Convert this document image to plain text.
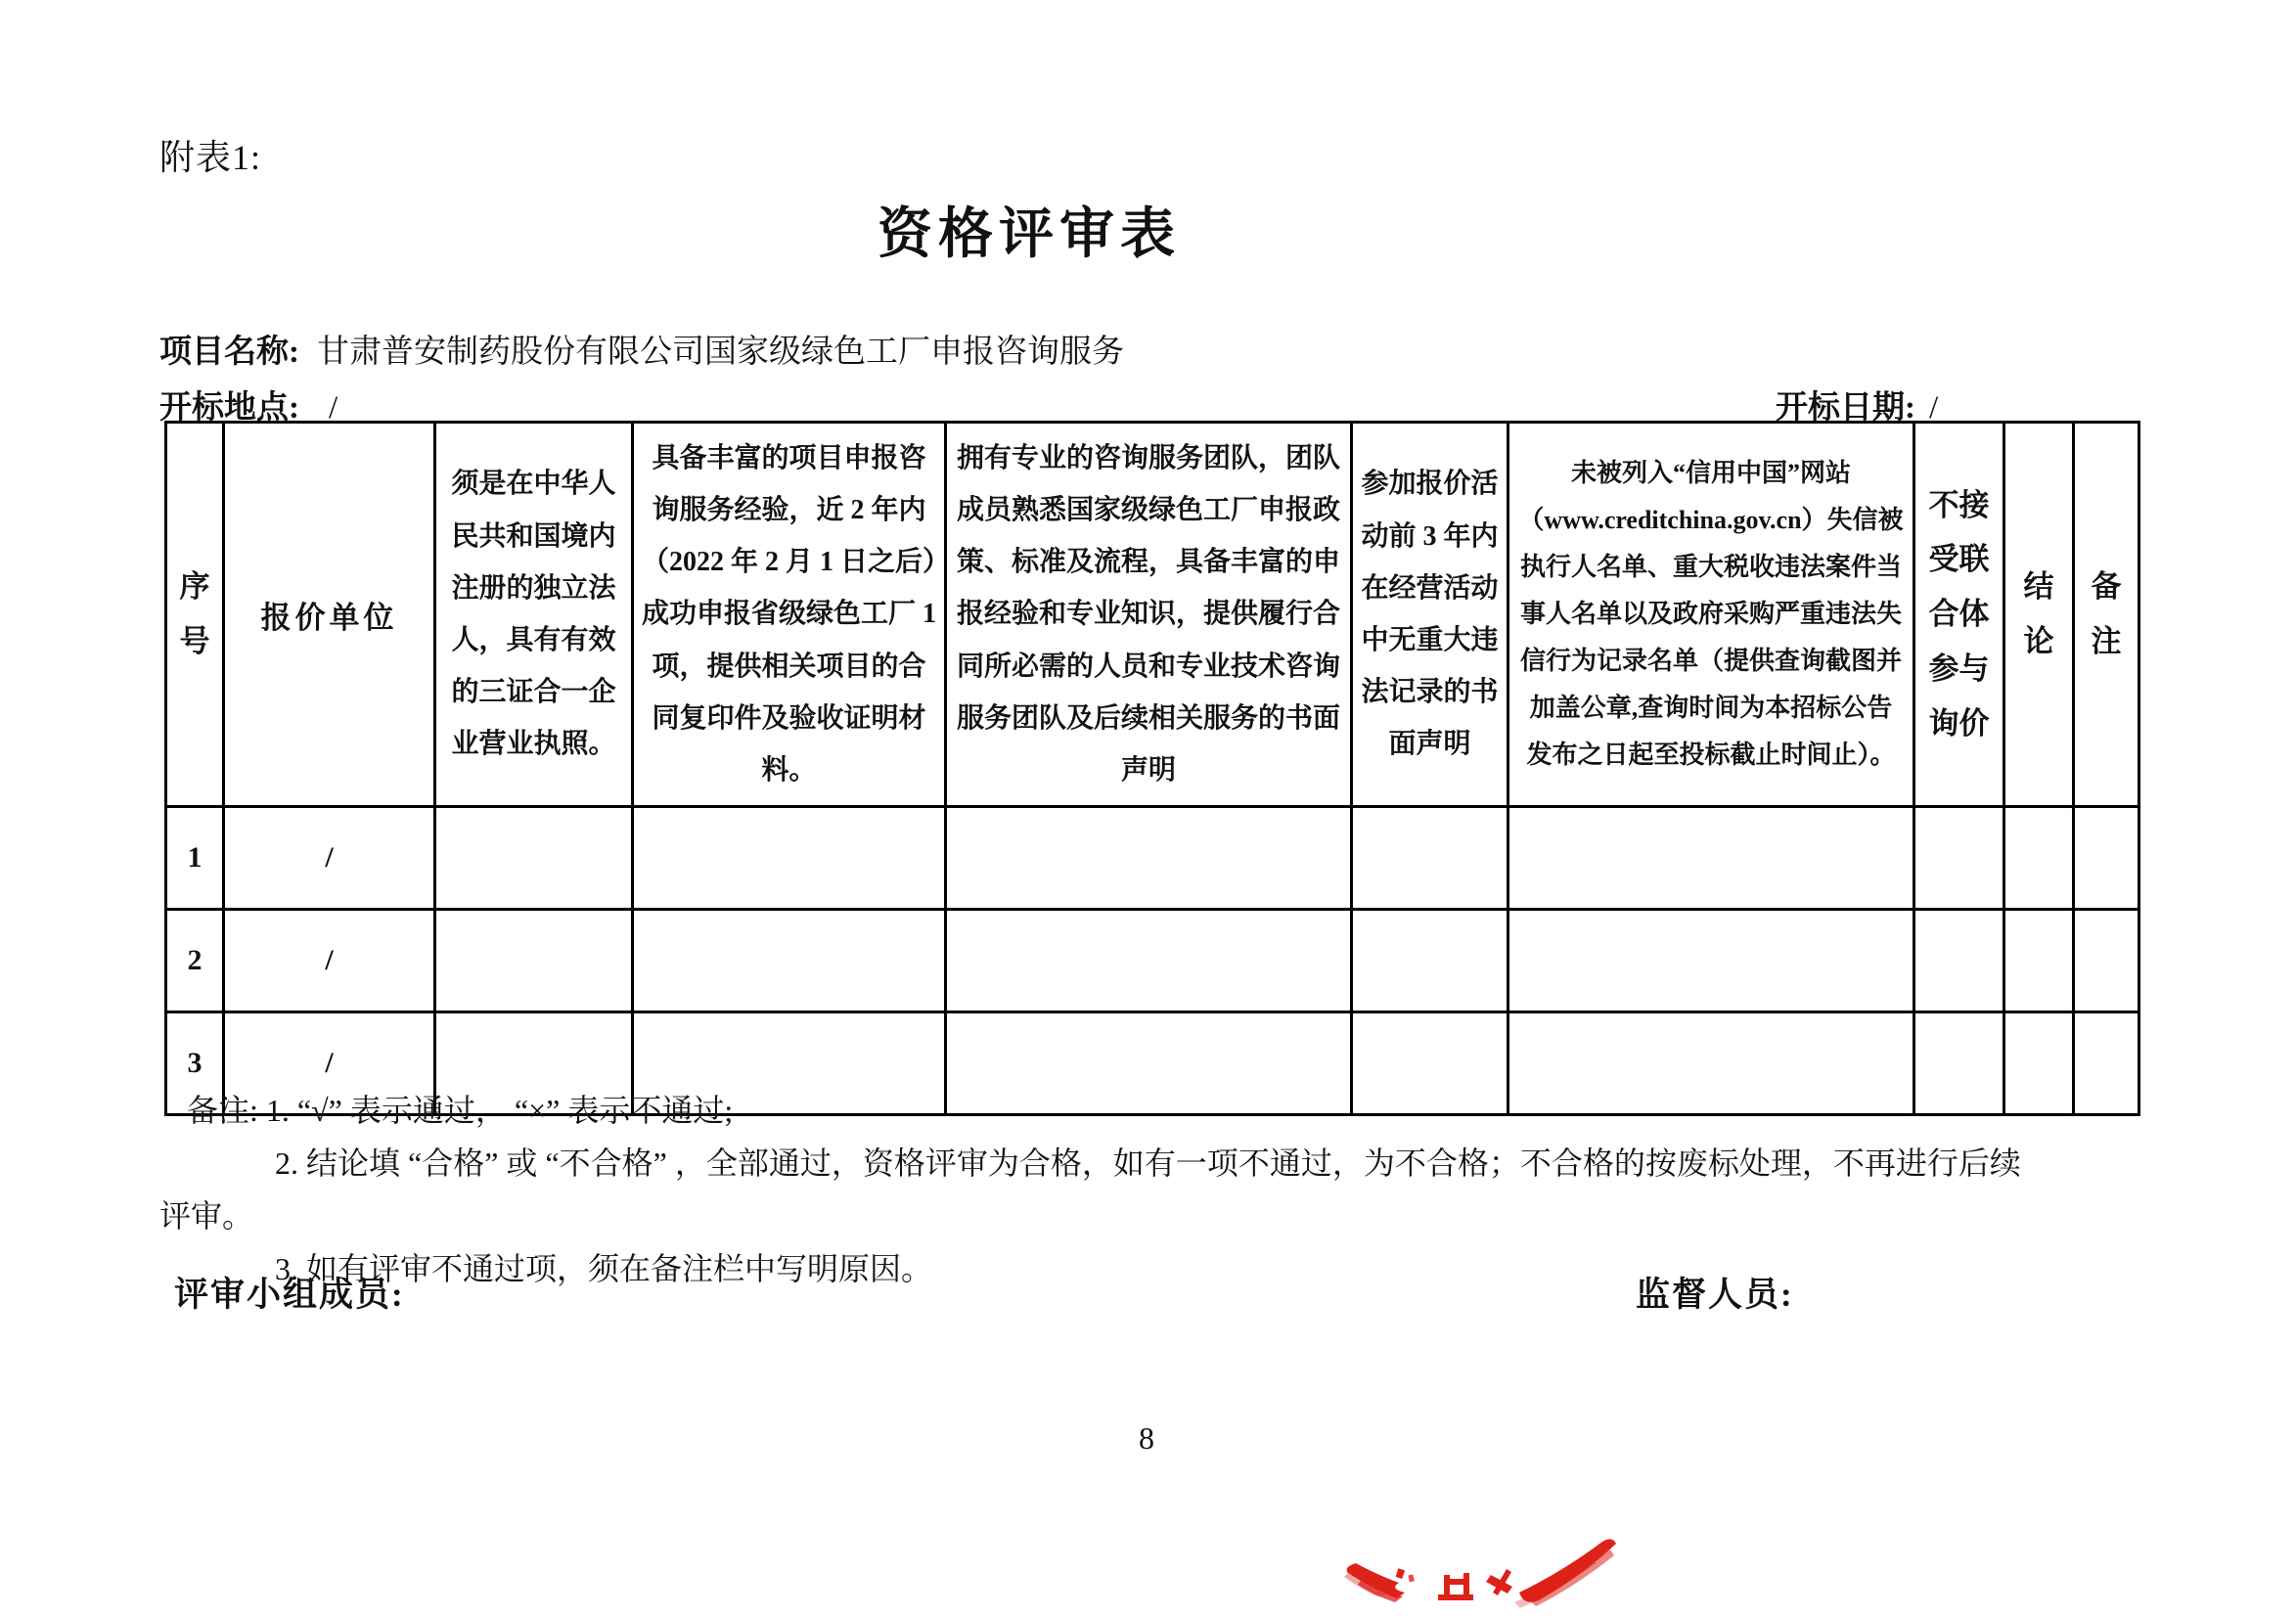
附表1:
资格评审表
项目名称: 甘肃普安制药股份有限公司国家级绿色工厂申报咨询服务
开标地点: /	开标日期: /
序号	报价单位	须是在中华人民共和国境内注册的独立法人，具有有效的三证合一企业营业执照。	具备丰富的项目申报咨询服务经验，近 2 年内（2022 年 2 月 1 日之后）成功申报省级绿色工厂 1 项，提供相关项目的合同复印件及验收证明材料。	拥有专业的咨询服务团队，团队成员熟悉国家级绿色工厂申报政策、标准及流程，具备丰富的申报经验和专业知识，提供履行合同所必需的人员和专业技术咨询服务团队及后续相关服务的书面声明	参加报价活动前 3 年内在经营活动中无重大违法记录的书面声明	未被列入“信用中国”网站（www.creditchina.gov.cn）失信被执行人名单、重大税收违法案件当事人名单以及政府采购严重违法失信行为记录名单（提供查询截图并加盖公章,查询时间为本招标公告发布之日起至投标截止时间止）。	不接受联合体参与询价	结论	备注
1	/								
2	/								
3	/								
备注: 1. “√” 表示通过， “×” 表示不通过;
2. 结论填 “合格” 或 “不合格” ，全部通过，资格评审为合格，如有一项不通过，为不合格；不合格的按废标处理，不再进行后续
评审。
3. 如有评审不通过项，须在备注栏中写明原因。
评审小组成员:	监督人员:
8
